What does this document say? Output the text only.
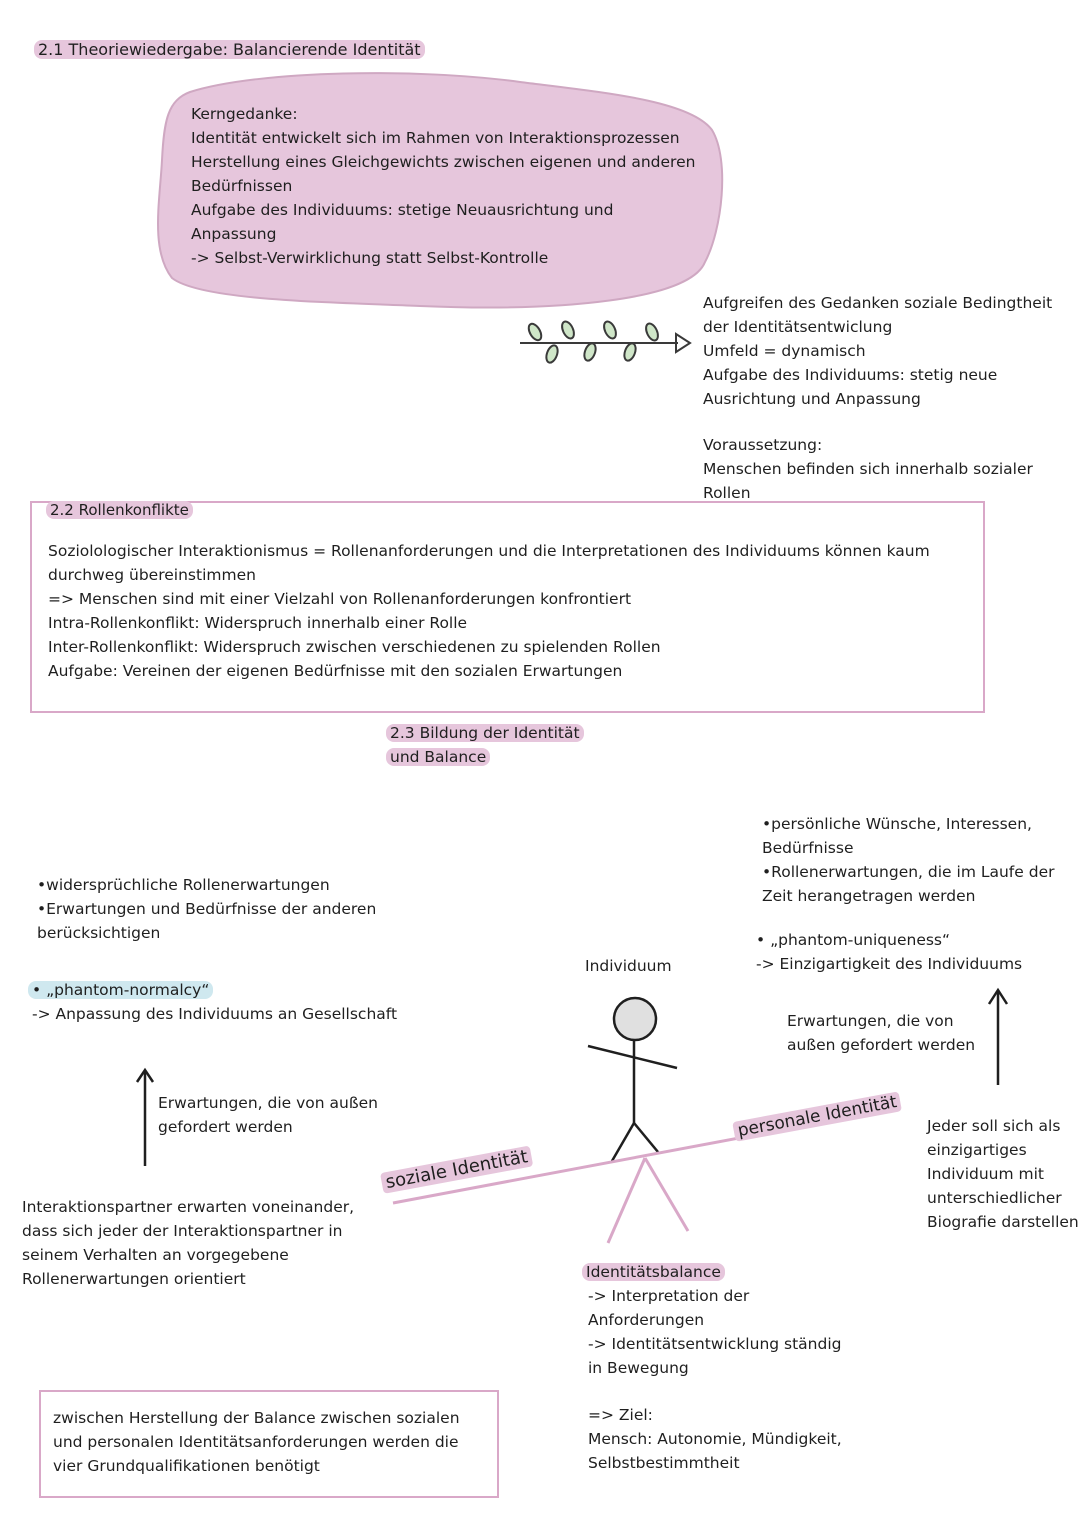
2.1 Theoriewiedergabe: Balancierende Identität
Kerngedanke:
Identität entwickelt sich im Rahmen von Interaktionsprozessen
Herstellung eines Gleichgewichts zwischen eigenen und anderen
Bedürfnissen
Aufgabe des Individuums: stetige Neuausrichtung und
Anpassung
-> Selbst-Verwirklichung statt Selbst-Kontrolle
Aufgreifen des Gedanken soziale Bedingtheit
der Identitätsentwiclung
Umfeld = dynamisch
Aufgabe des Individuums: stetig neue
Ausrichtung und Anpassung
Voraussetzung:
Menschen befinden sich innerhalb sozialer
Rollen
2.2 Rollenkonflikte
Soziolologischer Interaktionismus = Rollenanforderungen und die Interpretationen des Individuums können kaum
durchweg übereinstimmen
=> Menschen sind mit einer Vielzahl von Rollenanforderungen konfrontiert
Intra-Rollenkonflikt: Widerspruch innerhalb einer Rolle
Inter-Rollenkonflikt: Widerspruch zwischen verschiedenen zu spielenden Rollen
Aufgabe: Vereinen der eigenen Bedürfnisse mit den sozialen Erwartungen
2.3 Bildung der Identität
und Balance
•widersprüchliche Rollenerwartungen
•Erwartungen und Bedürfnisse der anderen
berücksichtigen
• „phantom-normalcy“
-> Anpassung des Individuums an Gesellschaft
Erwartungen, die von außen
gefordert werden
Interaktionspartner erwarten voneinander,
dass sich jeder der Interaktionspartner in
seinem Verhalten an vorgegebene
Rollenerwartungen orientiert
Individuum
soziale Identität
personale Identität
•persönliche Wünsche, Interessen,
Bedürfnisse
•Rollenerwartungen, die im Laufe der
Zeit herangetragen werden
• „phantom-uniqueness“
-> Einzigartigkeit des Individuums
Erwartungen, die von
außen gefordert werden
Jeder soll sich als
einzigartiges
Individuum mit
unterschiedlicher
Biografie darstellen
Identitätsbalance
-> Interpretation der
Anforderungen
-> Identitätsentwicklung ständig
in Bewegung
=> Ziel:
Mensch: Autonomie, Mündigkeit,
Selbstbestimmtheit
zwischen Herstellung der Balance zwischen sozialen
und personalen Identitätsanforderungen werden die
vier Grundqualifikationen benötigt
